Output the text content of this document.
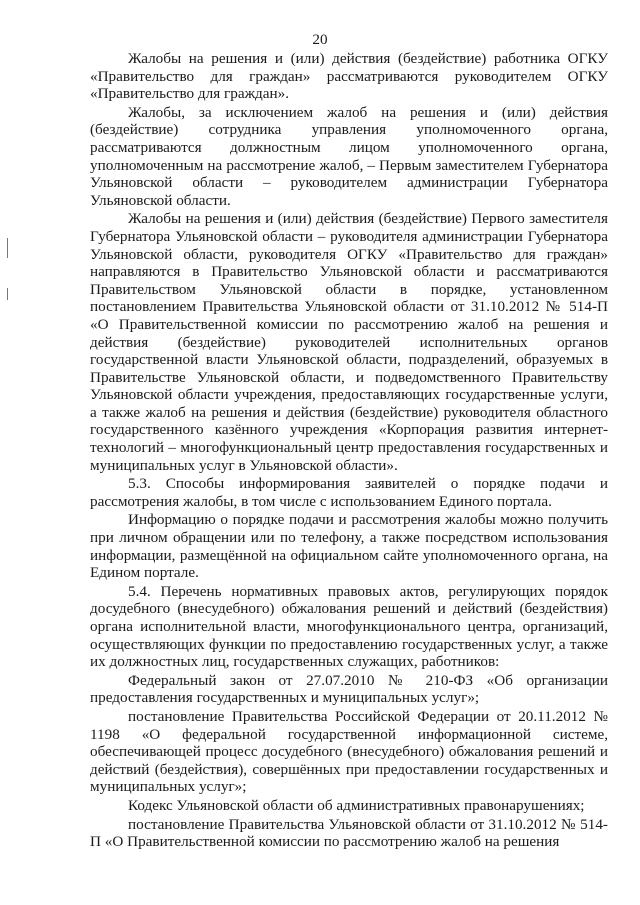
20

Жалобы на решения и (или) действия (бездействие) работника ОГКУ «Правительство для граждан» рассматриваются руководителем ОГКУ «Правительство для граждан».

Жалобы, за исключением жалоб на решения и (или) действия (бездействие) сотрудника управления уполномоченного органа, рассматриваются должностным лицом уполномоченного органа, уполномоченным на рассмотрение жалоб, – Первым заместителем Губернатора Ульяновской области – руководителем администрации Губернатора Ульяновской области.

Жалобы на решения и (или) действия (бездействие) Первого заместителя Губернатора Ульяновской области – руководителя администрации Губернатора Ульяновской области, руководителя ОГКУ «Правительство для граждан» направляются в Правительство Ульяновской области и рассматриваются Правительством Ульяновской области в порядке, установленном постановлением Правительства Ульяновской области от 31.10.2012 № 514-П «О Правительственной комиссии по рассмотрению жалоб на решения и действия (бездействие) руководителей исполнительных органов государственной власти Ульяновской области, подразделений, образуемых в Правительстве Ульяновской области, и подведомственного Правительству Ульяновской области учреждения, предоставляющих государственные услуги, а также жалоб на решения и действия (бездействие) руководителя областного государственного казённого учреждения «Корпорация развития интернет-технологий – многофункциональный центр предоставления государственных и муниципальных услуг в Ульяновской области».

5.3. Способы информирования заявителей о порядке подачи и рассмотрения жалобы, в том числе с использованием Единого портала.

Информацию о порядке подачи и рассмотрения жалобы можно получить при личном обращении или по телефону, а также посредством использования информации, размещённой на официальном сайте уполномоченного органа, на Едином портале.

5.4. Перечень нормативных правовых актов, регулирующих порядок досудебного (внесудебного) обжалования решений и действий (бездействия) органа исполнительной власти, многофункционального центра, организаций, осуществляющих функции по предоставлению государственных услуг, а также их должностных лиц, государственных служащих, работников:

Федеральный закон от 27.07.2010 № 210-ФЗ «Об организации предоставления государственных и муниципальных услуг»;

постановление Правительства Российской Федерации от 20.11.2012 № 1198 «О федеральной государственной информационной системе, обеспечивающей процесс досудебного (внесудебного) обжалования решений и действий (бездействия), совершённых при предоставлении государственных и муниципальных услуг»;

Кодекс Ульяновской области об административных правонарушениях;

постановление Правительства Ульяновской области от 31.10.2012 № 514-П «О Правительственной комиссии по рассмотрению жалоб на решения
